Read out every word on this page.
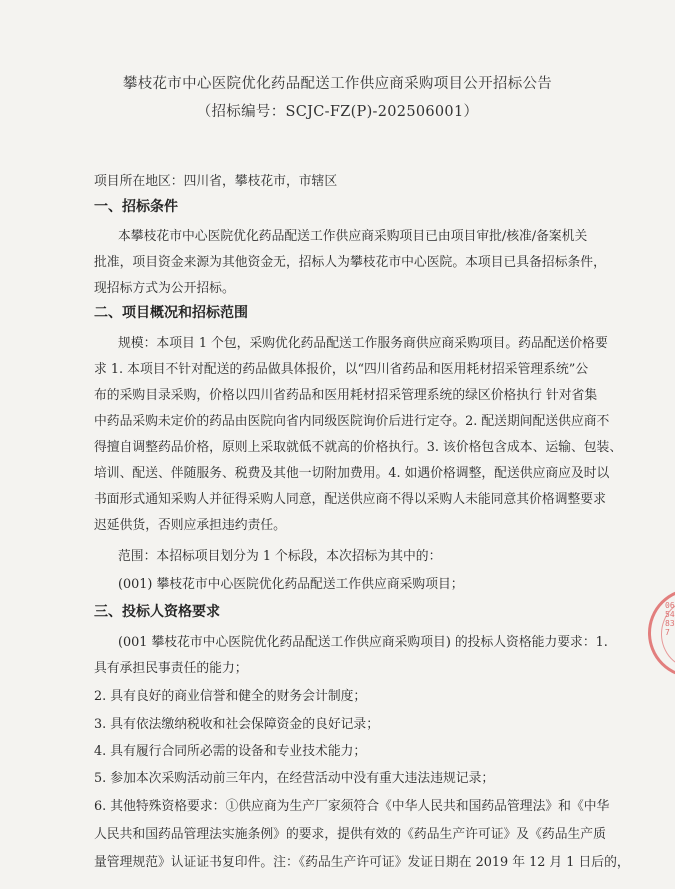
攀枝花市中心医院优化药品配送工作供应商采购项目公开招标公告
（招标编号：SCJC-FZ(P)-202506001）
项目所在地区：四川省，攀枝花市，市辖区
一、招标条件
本攀枝花市中心医院优化药品配送工作供应商采购项目已由项目审批/核准/备案机关
批准，项目资金来源为其他资金无，招标人为攀枝花市中心医院。本项目已具备招标条件，
现招标方式为公开招标。
二、项目概况和招标范围
规模：本项目 1 个包，采购优化药品配送工作服务商供应商采购项目。药品配送价格要
求 1. 本项目不针对配送的药品做具体报价，以“四川省药品和医用耗材招采管理系统”公
布的采购目录采购，价格以四川省药品和医用耗材招采管理系统的绿区价格执行 针对省集
中药品采购未定价的药品由医院向省内同级医院询价后进行定夺。2. 配送期间配送供应商不
得擅自调整药品价格，原则上采取就低不就高的价格执行。3. 该价格包含成本、运输、包装、
培训、配送、伴随服务、税费及其他一切附加费用。4. 如遇价格调整，配送供应商应及时以
书面形式通知采购人并征得采购人同意，配送供应商不得以采购人未能同意其价格调整要求
迟延供货，否则应承担违约责任。
范围：本招标项目划分为 1 个标段，本次招标为其中的：
(001) 攀枝花市中心医院优化药品配送工作供应商采购项目；
三、投标人资格要求
(001 攀枝花市中心医院优化药品配送工作供应商采购项目) 的投标人资格能力要求：1.
具有承担民事责任的能力；
2. 具有良好的商业信誉和健全的财务会计制度；
3. 具有依法缴纳税收和社会保障资金的良好记录；
4. 具有履行合同所必需的设备和专业技术能力；
5. 参加本次采购活动前三年内，在经营活动中没有重大违法违规记录；
6. 其他特殊资格要求：①供应商为生产厂家须符合《中华人民共和国药品管理法》和《中华
人民共和国药品管理法实施条例》的要求，提供有效的《药品生产许可证》及《药品生产质
量管理规范》认证证书复印件。注：《药品生产许可证》发证日期在 2019 年 12 月 1 日后的，
0654837
